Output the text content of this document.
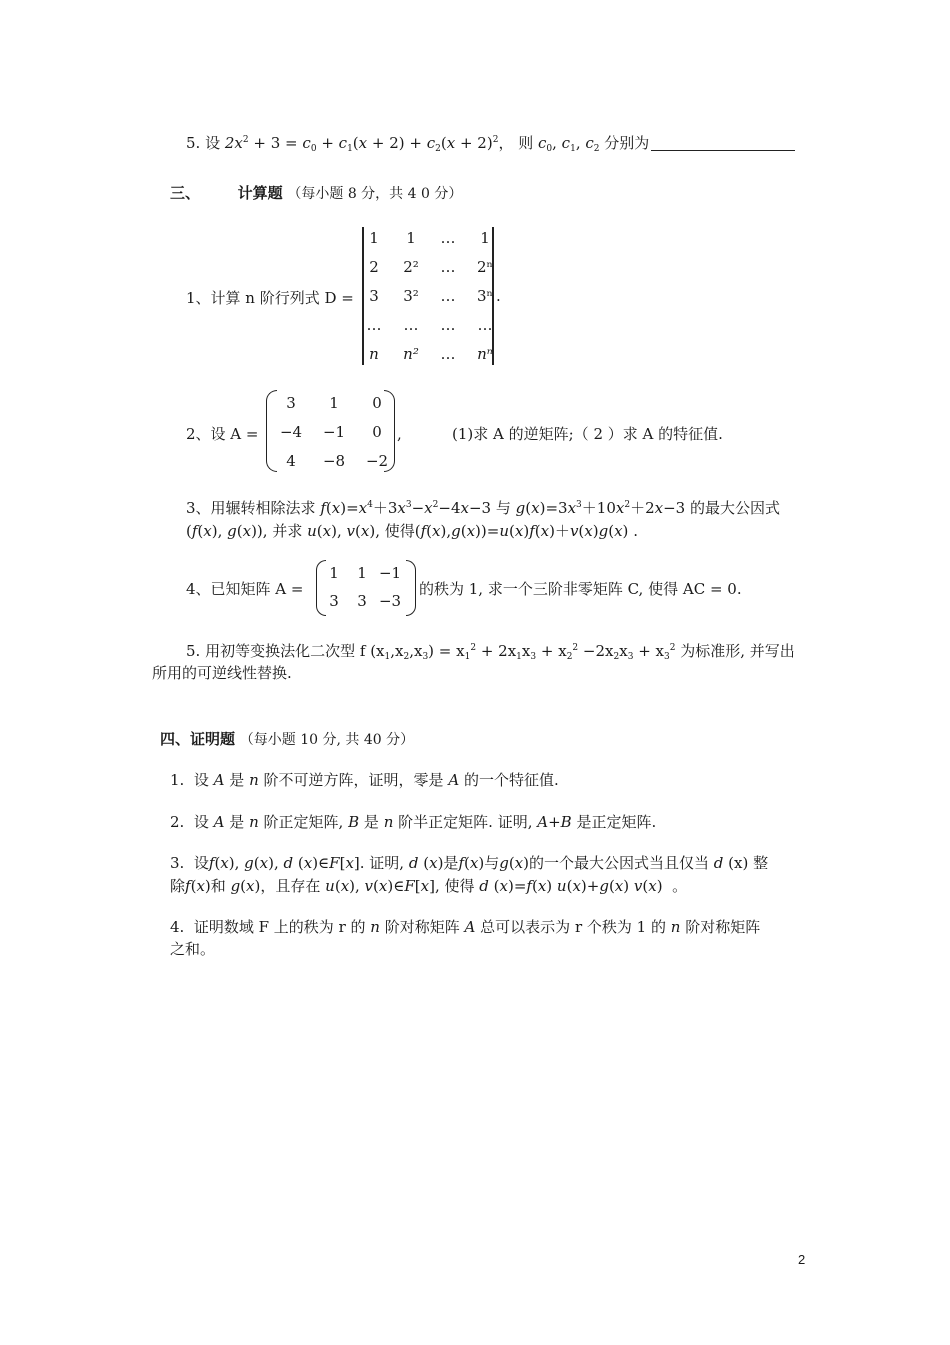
5. 设 $2x^2 + 3 = c_0 + c_1(x + 2) + c_2(x + 2)^2$， 则 $c_0$, $c_1$, $c_2$ 分别为
三、	计算题 （每小题 8 分，共 4 0 分）
1、计算 n 阶行列式 D =
1	1	…	1
2	2²	…	2ⁿ
3	3²	…	3ⁿ
…	…	…	…
n	n²	…	nⁿ
.
2、设 A =
3	1	0
−4	−1	0
4	−8	−2
,	(1)求 A 的逆矩阵;（ 2 ）求 A 的特征值.
3、用辗转相除法求 $f(x)=x^4+3x^3-x^2-4x-3$ 与 $g(x)=3x^3+10x^2+2x-3$ 的最大公因式
(f(x), g(x)), 并求 u(x), v(x), 使得(f(x),g(x))=u(x)f(x)＋v(x)g(x) .
4、已知矩阵 A =
1	1 −1
3	3 −3
的秩为 1, 求一个三阶非零矩阵 C, 使得 AC = 0.
5. 用初等变换法化二次型 f $(x_1,x_2,x_3) = x_1^2 + 2x_1x_3 + x_2^2 -2x_2x_3 + x_3^2$ 为标准形, 并写出
所用的可逆线性替换.
四、证明题 （每小题 10 分, 共 40 分）
1. 设 A 是 n 阶不可逆方阵，证明，零是 A 的一个特征值.
2. 设 A 是 n 阶正定矩阵, B 是 n 阶半正定矩阵. 证明, A+B 是正定矩阵.
3. 设f(x), g(x), d (x)∈F[x]. 证明, d (x)是f(x)与g(x)的一个最大公因式当且仅当 d (x) 整
除f(x)和 g(x)，且存在 u(x), v(x)∈F[x], 使得 d (x)=f(x) u(x)+g(x) v(x)  。
4. 证明数域 F 上的秩为 r 的 n 阶对称矩阵 A 总可以表示为 r 个秩为 1 的 n 阶对称矩阵
之和。
2
